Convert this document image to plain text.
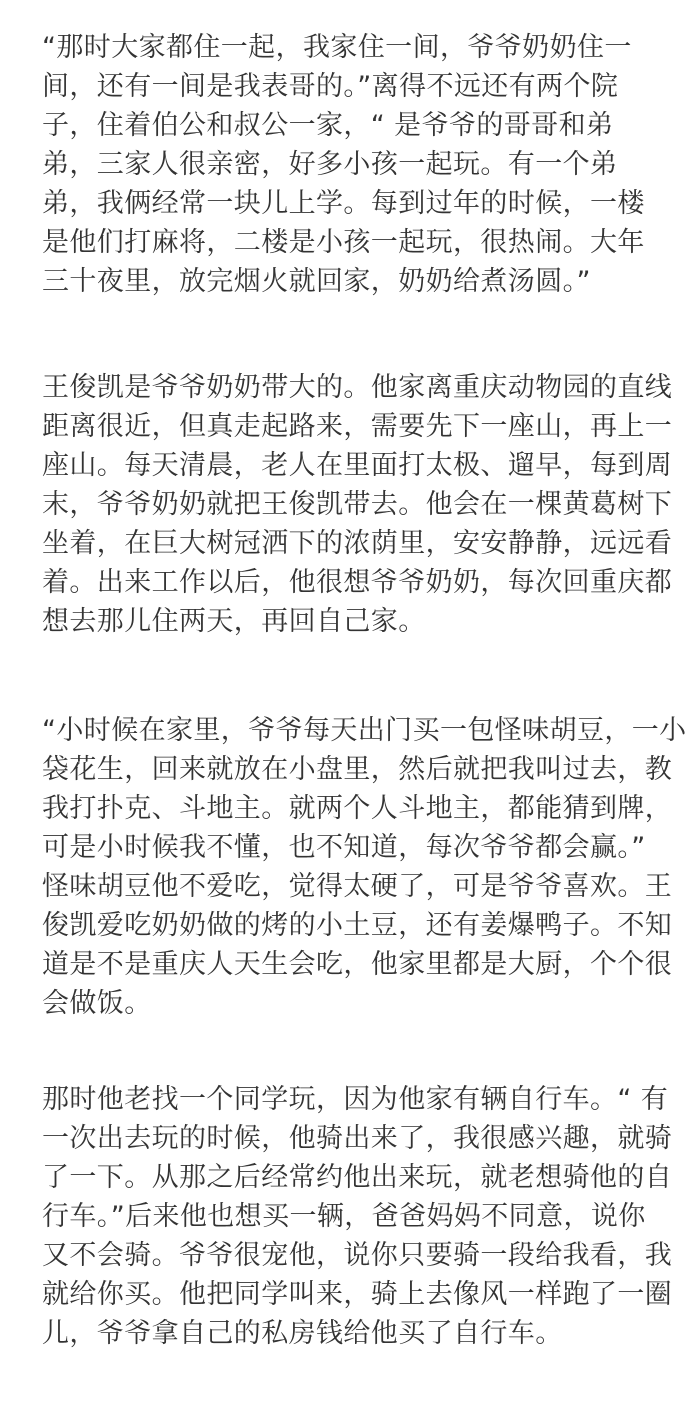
“那时大家都住一起，我家住一间，爷爷奶奶住一
间，还有一间是我表哥的。”离得不远还有两个院
子，住着伯公和叔公一家，“ 是爷爷的哥哥和弟
弟，三家人很亲密，好多小孩一起玩。有一个弟
弟，我俩经常一块儿上学。每到过年的时候，一楼
是他们打麻将，二楼是小孩一起玩，很热闹。大年
三十夜里，放完烟火就回家，奶奶给煮汤圆。”
王俊凯是爷爷奶奶带大的。他家离重庆动物园的直线
距离很近，但真走起路来，需要先下一座山，再上一
座山。每天清晨，老人在里面打太极、遛早，每到周
末，爷爷奶奶就把王俊凯带去。他会在一棵黄葛树下
坐着，在巨大树冠洒下的浓荫里，安安静静，远远看
着。出来工作以后，他很想爷爷奶奶，每次回重庆都
想去那儿住两天，再回自己家。
“小时候在家里，爷爷每天出门买一包怪味胡豆，一小
袋花生，回来就放在小盘里，然后就把我叫过去，教
我打扑克、斗地主。就两个人斗地主，都能猜到牌，
可是小时候我不懂，也不知道，每次爷爷都会赢。”
怪味胡豆他不爱吃，觉得太硬了，可是爷爷喜欢。王
俊凯爱吃奶奶做的烤的小土豆，还有姜爆鸭子。不知
道是不是重庆人天生会吃，他家里都是大厨，个个很
会做饭。
那时他老找一个同学玩，因为他家有辆自行车。“ 有
一次出去玩的时候，他骑出来了，我很感兴趣，就骑
了一下。从那之后经常约他出来玩，就老想骑他的自
行车。”后来他也想买一辆，爸爸妈妈不同意，说你
又不会骑。爷爷很宠他，说你只要骑一段给我看，我
就给你买。他把同学叫来，骑上去像风一样跑了一圈
儿，爷爷拿自己的私房钱给他买了自行车。
